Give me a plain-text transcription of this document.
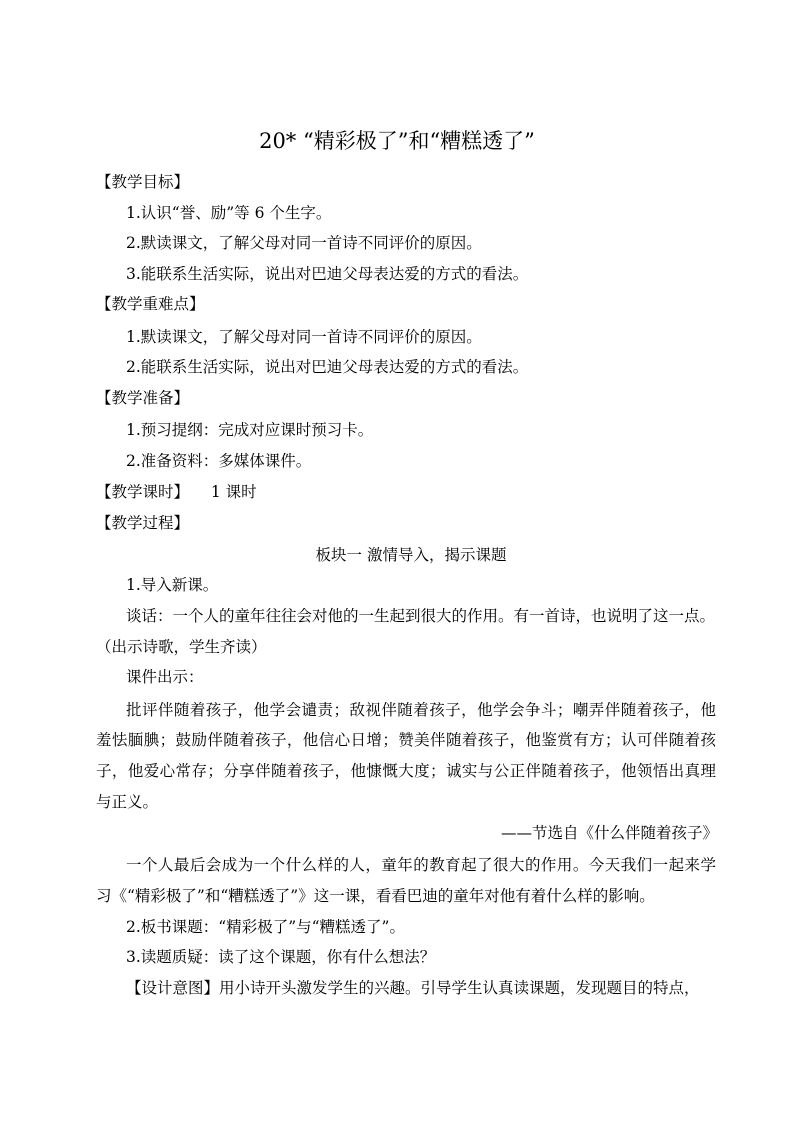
20* “精彩极了”和“糟糕透了”
【教学目标】
1.认识“誉、励”等 6 个生字。
2.默读课文，了解父母对同一首诗不同评价的原因。
3.能联系生活实际，说出对巴迪父母表达爱的方式的看法。
【教学重难点】
1.默读课文，了解父母对同一首诗不同评价的原因。
2.能联系生活实际，说出对巴迪父母表达爱的方式的看法。
【教学准备】
1.预习提纲：完成对应课时预习卡。
2.准备资料：多媒体课件。
【教学课时】 1 课时
【教学过程】
板块一 激情导入，揭示课题
1.导入新课。
谈话：一个人的童年往往会对他的一生起到很大的作用。有一首诗，也说明了这一点。
（出示诗歌，学生齐读）
课件出示：
批评伴随着孩子，他学会谴责；敌视伴随着孩子，他学会争斗；嘲弄伴随着孩子，他
羞怯腼腆；鼓励伴随着孩子，他信心日增；赞美伴随着孩子，他鉴赏有方；认可伴随着孩
子，他爱心常存；分享伴随着孩子，他慷慨大度；诚实与公正伴随着孩子，他领悟出真理
与正义。
——节选自《什么伴随着孩子》
一个人最后会成为一个什么样的人，童年的教育起了很大的作用。今天我们一起来学
习《“精彩极了”和“糟糕透了”》这一课，看看巴迪的童年对他有着什么样的影响。
2.板书课题：“精彩极了”与“糟糕透了”。
3.读题质疑：读了这个课题，你有什么想法？
【设计意图】用小诗开头激发学生的兴趣。引导学生认真读课题，发现题目的特点，
